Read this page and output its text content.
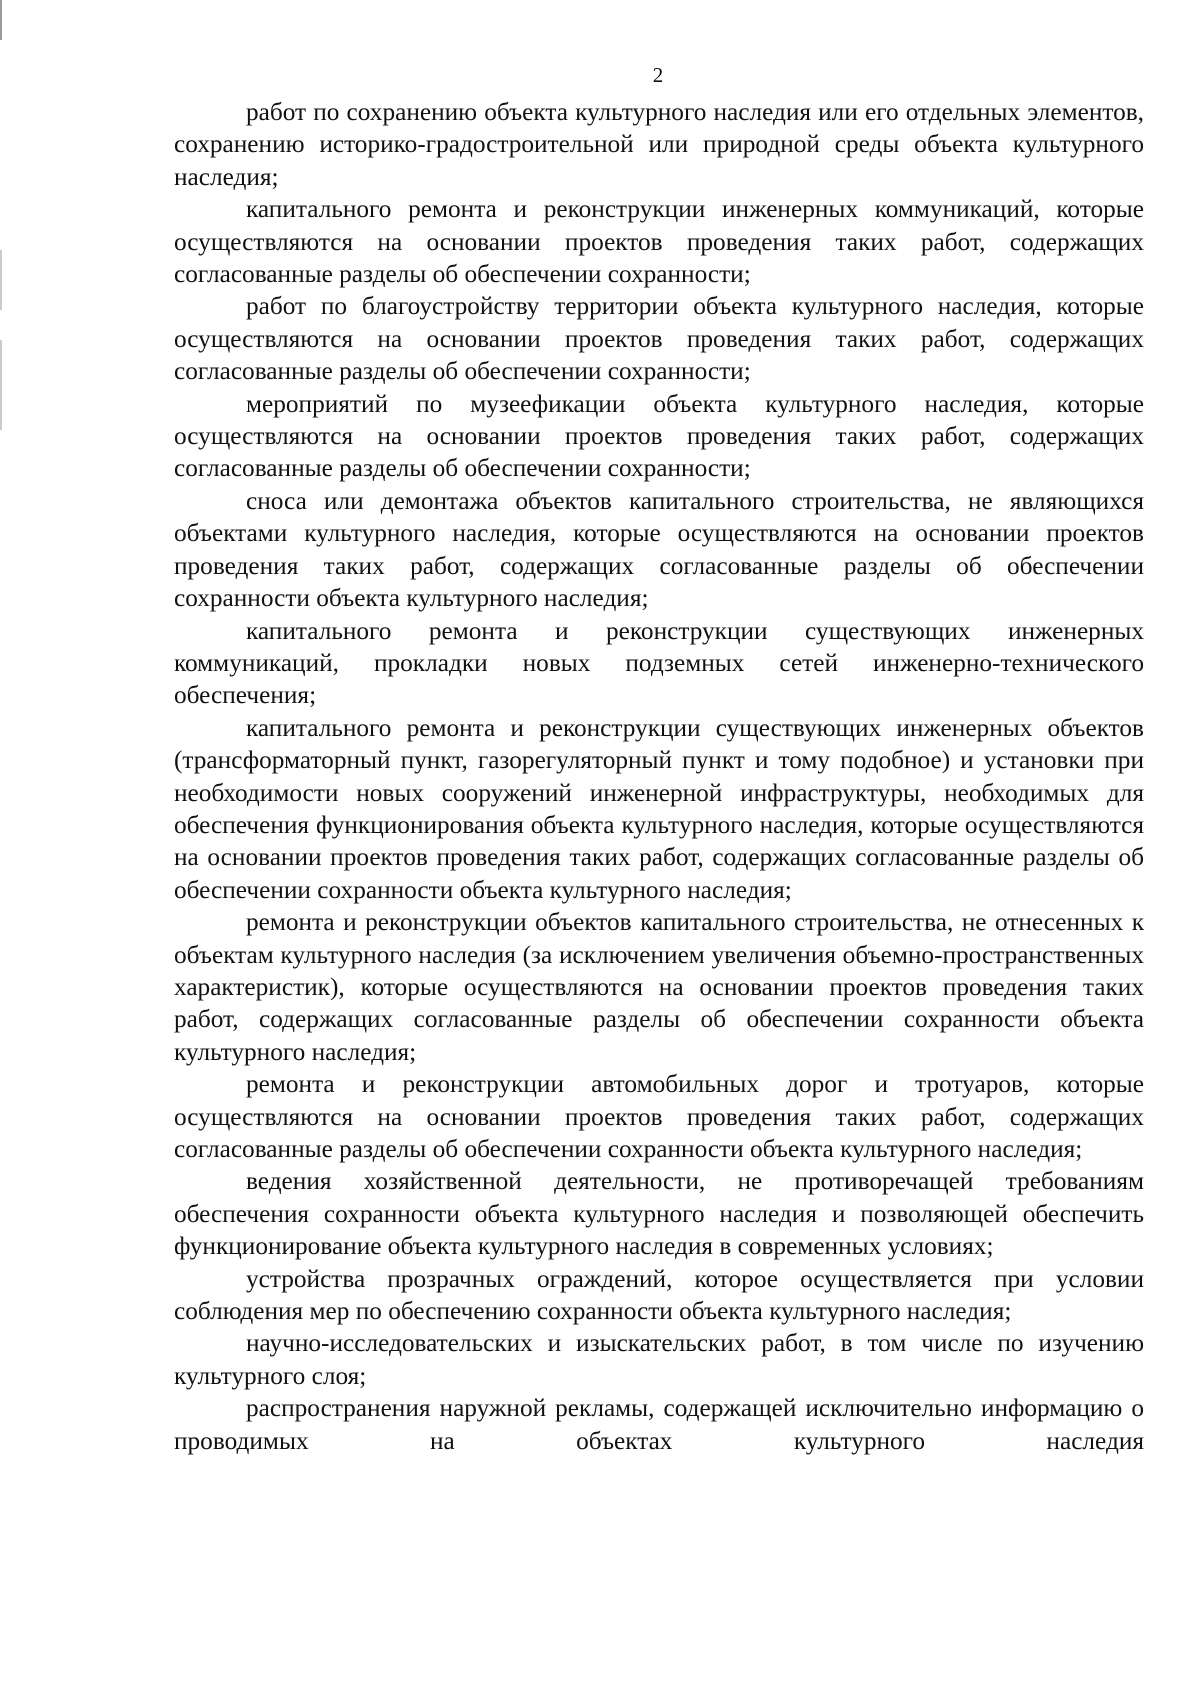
2

работ по сохранению объекта культурного наследия или его отдельных элементов, сохранению историко-градостроительной или природной среды объекта культурного наследия;

капитального ремонта и реконструкции инженерных коммуникаций, которые осуществляются на основании проектов проведения таких работ, содержащих согласованные разделы об обеспечении сохранности;

работ по благоустройству территории объекта культурного наследия, которые осуществляются на основании проектов проведения таких работ, содержащих согласованные разделы об обеспечении сохранности;

мероприятий по музеефикации объекта культурного наследия, которые осуществляются на основании проектов проведения таких работ, содержащих согласованные разделы об обеспечении сохранности;

сноса или демонтажа объектов капитального строительства, не являющихся объектами культурного наследия, которые осуществляются на основании проектов проведения таких работ, содержащих согласованные разделы об обеспечении сохранности объекта культурного наследия;

капитального ремонта и реконструкции существующих инженерных коммуникаций, прокладки новых подземных сетей инженерно-технического обеспечения;

капитального ремонта и реконструкции существующих инженерных объектов (трансформаторный пункт, газорегуляторный пункт и тому подобное) и установки при необходимости новых сооружений инженерной инфраструктуры, необходимых для обеспечения функционирования объекта культурного наследия, которые осуществляются на основании проектов проведения таких работ, содержащих согласованные разделы об обеспечении сохранности объекта культурного наследия;

ремонта и реконструкции объектов капитального строительства, не отнесенных к объектам культурного наследия (за исключением увеличения объемно-пространственных характеристик), которые осуществляются на основании проектов проведения таких работ, содержащих согласованные разделы об обеспечении сохранности объекта культурного наследия;

ремонта и реконструкции автомобильных дорог и тротуаров, которые осуществляются на основании проектов проведения таких работ, содержащих согласованные разделы об обеспечении сохранности объекта культурного наследия;

ведения хозяйственной деятельности, не противоречащей требованиям обеспечения сохранности объекта культурного наследия и позволяющей обеспечить функционирование объекта культурного наследия в современных условиях;

устройства прозрачных ограждений, которое осуществляется при условии соблюдения мер по обеспечению сохранности объекта культурного наследия;

научно-исследовательских и изыскательских работ, в том числе по изучению культурного слоя;

распространения наружной рекламы, содержащей исключительно информацию о проводимых на объектах культурного наследия
